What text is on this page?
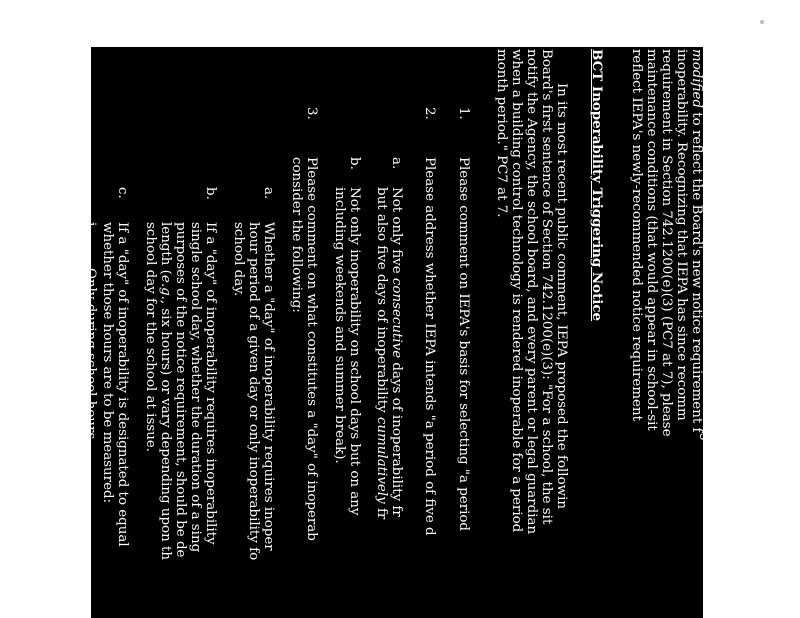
5
modified to reflect the Board's new notice requirement f
inoperability. Recognizing that IEPA has since recomm
requirement in Section 742.1200(e)(3) (PC7 at 7), please
maintenance conditions (that would appear in school-sit
reflect IEPA's newly-recommended notice requirement
BCT Inoperability Triggering Notice
In its most recent public comment, IEPA proposed the followin
Board's first sentence of Section 742.1200(e)(3): "For a school, the sit
notify the Agency, the school board, and every parent or legal guardian
when a building control technology is rendered inoperable for a period
month period." PC7 at 7.
1.
Please comment on IEPA's basis for selecting "a period
2.
Please address whether IEPA intends "a period of five d
a.
Not only five consecutive days of inoperability fr
but also five days of inoperability cumulatively fr
b.
Not only inoperability on school days but on any
including weekends and summer break).
3.
Please comment on what constitutes a "day" of inoperab
consider the following:
a.
Whether a "day" of inoperability requires inoper
hour period of a given day or only inoperability fo
school day.
b.
If a "day" of inoperability requires inoperability
single school day, whether the duration of a sing
purposes of the notice requirement, should be de
length (e.g., six hours) or vary depending upon th
school day for the school at issue.
c.
If a "day" of inoperability is designated to equal
whether those hours are to be measured:
i.
Only during school hours.
